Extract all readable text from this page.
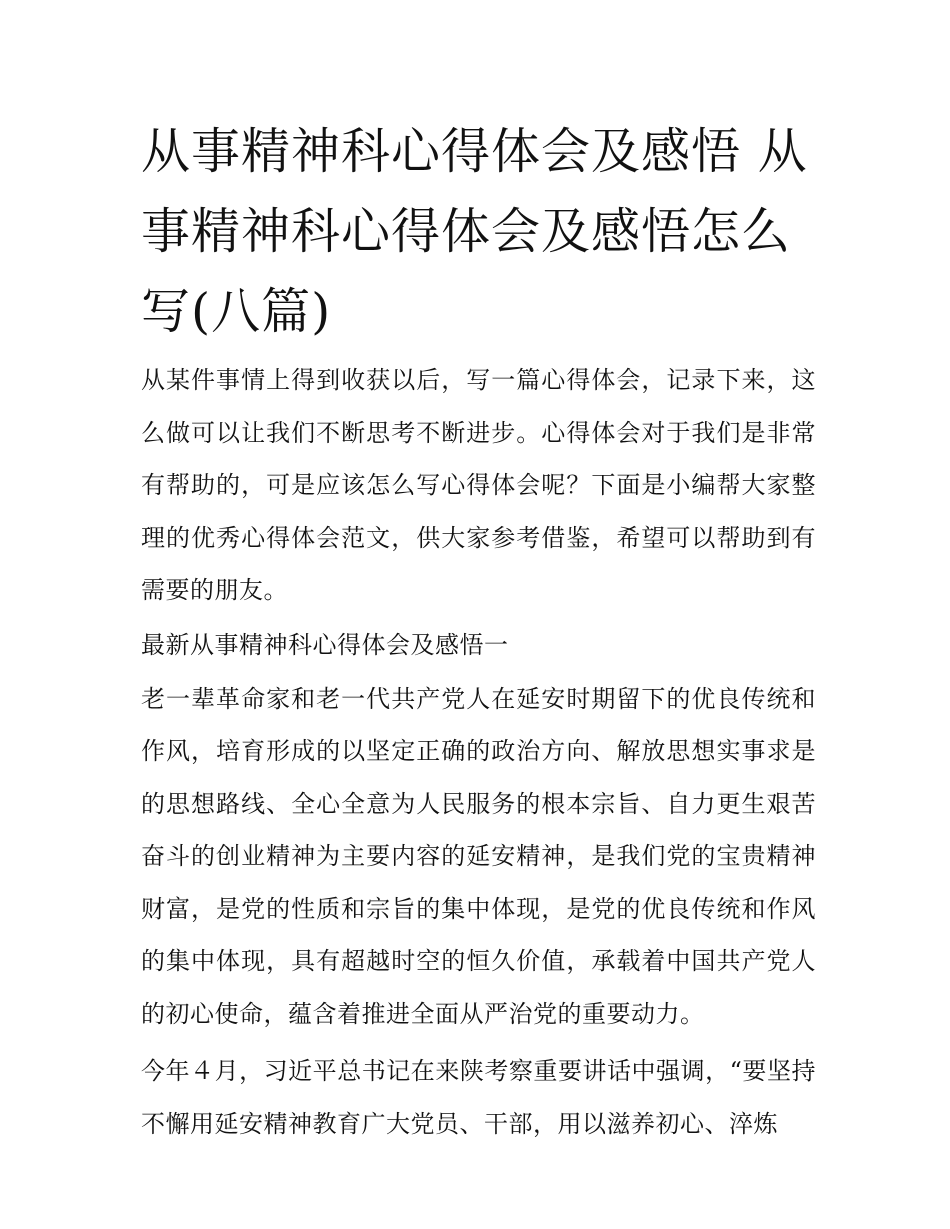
从事精神科心得体会及感悟 从事精神科心得体会及感悟怎么写(八篇)

从某件事情上得到收获以后，写一篇心得体会，记录下来，这么做可以让我们不断思考不断进步。心得体会对于我们是非常有帮助的，可是应该怎么写心得体会呢？下面是小编帮大家整理的优秀心得体会范文，供大家参考借鉴，希望可以帮助到有需要的朋友。

最新从事精神科心得体会及感悟一

老一辈革命家和老一代共产党人在延安时期留下的优良传统和作风，培育形成的以坚定正确的政治方向、解放思想实事求是的思想路线、全心全意为人民服务的根本宗旨、自力更生艰苦奋斗的创业精神为主要内容的延安精神，是我们党的宝贵精神财富，是党的性质和宗旨的集中体现，是党的优良传统和作风的集中体现，具有超越时空的恒久价值，承载着中国共产党人的初心使命，蕴含着推进全面从严治党的重要动力。

今年４月，习近平总书记在来陕考察重要讲话中强调，“要坚持不懈用延安精神教育广大党员、干部，用以滋养初心、淬炼
